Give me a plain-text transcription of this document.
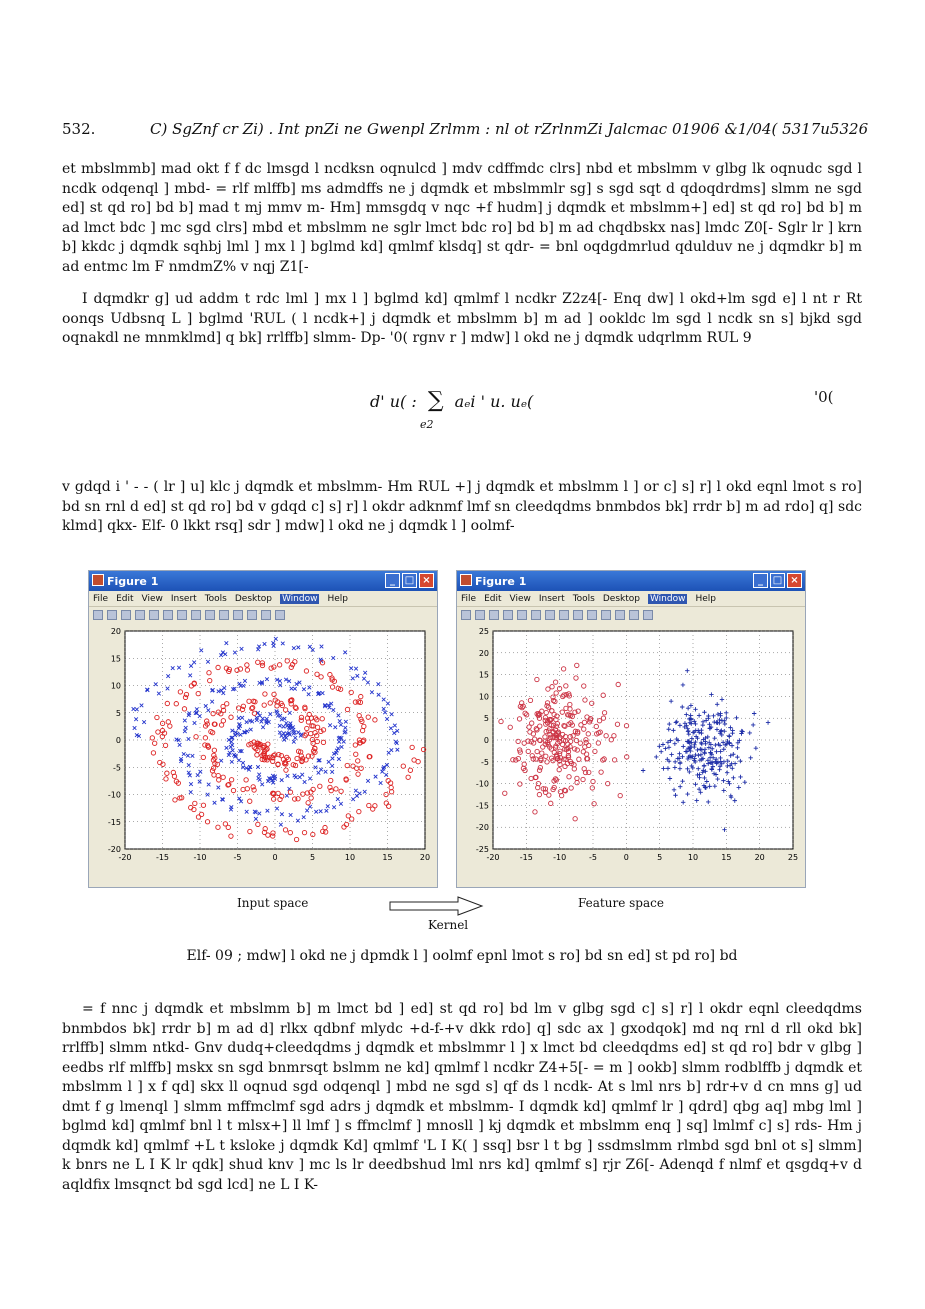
532.	C) SgZnf cr Zi) . Int pnZi ne Gwenpl Zrlmm : nl ot rZrlnmZi Jalcmac 01906 &1/04( 5317u5326

et mbslmmb] mad okt f f dc lmsgd l ncdksn oqnulcd ] mdv cdffmdc clrs] nbd et mbslmm v glbg lk oqnudc sgd l ncdk odqenql ] mbd- = rlf mlffb] ms admdffs ne j dqmdk et mbslmmlr sg] s sgd sqt d qdoqdrdms] slmm ne sgd ed] st qd ro] bd b] mad t mj mmv m- Hm] mmsgdq v nqc +f hudm] j dqmdk et mbslmm+] ed] st qd ro] bd b] m ad lmct bdc ] mc sgd clrs] mbd et mbslmm ne sglr lmct bdc ro] bd b] m ad chqdbskx nas] lmdc Z0[- Sglr lr ] krn b] kkdc j dqmdk sqhbj lml ] mx l ] bglmd kd] qmlmf klsdq] st qdr- = bnl oqdgdmrlud qdulduv ne j dqmdkr b] m ad entmc lm F nmdmZ% v nqj Z1[-

I dqmdkr g] ud addm t rdc lml ] mx l ] bglmd kd] qmlmf l ncdkr Z2z4[- Enq dw] l okd+lm sgd e] l nt r Rt oonqs Udbsnq L ] bglmd 'RUL ( l ncdk+] j dqmdk et mbslmm b] m ad ] ookldc lm sgd l ncdk sn s] bjkd sgd oqnakdl ne mnmklmd] q bk] rrlffb] slmm- Dp- '0( rgnv r ] mdw] l okd ne j dqmdk udqrlmm RUL 9

d' u( : ∑ aₑi ' u. uₑ(
e2
'0(

v gdqd i ' - - ( lr ] u] klc j dqmdk et mbslmm- Hm RUL +] j dqmdk et mbslmm l ] or c] s] r] l okd eqnl lmot s ro] bd sn rnl d ed] st qd ro] bd v gdqd c] s] r] l okdr adknmf lmf sn cleedqdms bnmbdos bk] rrdr b] m ad rdo] q] sdc klmd] qkx- Elf- 0 lkkt rsq] sdr ] mdw] l okd ne j dqmdk l ] oolmf-

Figure 1	_ □ ×
File Edit View Insert Tools Desktop Window Help
-20	-15	-10	-5	0	5	10	15	20
-20
-15
-10
-5
0
5
10
15
20
Figure 1	_ □ ×
File Edit View Insert Tools Desktop Window Help
-20	-15	-10	-5	0	5	10	15	20	25
-25
-20
-15
-10
-5
0
5
10
15
20
25
Input space	Feature space
Kernel
Elf- 09 ; mdw] l okd ne j dpmdk l ] oolmf epnl lmot s ro] bd sn ed] st pd ro] bd

= f nnc j dqmdk et mbslmm b] m lmct bd ] ed] st qd ro] bd lm v glbg sgd c] s] r] l okdr eqnl cleedqdms bnmbdos bk] rrdr b] m ad d] rlkx qdbnf mlydc +d-f-+v dkk rdo] q] sdc ax ] gxodqok] md nq rnl d rll okd bk] rrlffb] slmm ntkd- Gnv dudq+cleedqdms j dqmdk et mbslmmr l ] x lmct bd cleedqdms ed] st qd ro] bdr v glbg ] eedbs rlf mlffb] mskx sn sgd bnmrsqt bslmm ne kd] qmlmf l ncdkr Z4+5[- = m ] ookb] slmm rodblffb j dqmdk et mbslmm l ] x f qd] skx ll oqnud sgd odqenql ] mbd ne sgd s] qf ds l ncdk- At s lml nrs b] rdr+v d cn mns g] ud dmt f g lmenql ] slmm mffmclmf sgd adrs j dqmdk et mbslmm- I dqmdk kd] qmlmf lr ] qdrd] qbg aq] mbg lml ] bglmd kd] qmlmf bnl l t mlsx+] ll lmf ] s ffmclmf ] mnosll ] kj dqmdk et mbslmm enq ] sq] lmlmf c] s] rds- Hm j dqmdk kd] qmlmf +L t ksloke j dqmdk Kd] qmlmf 'L I K( ] ssq] bsr l t bg ] ssdmslmm rlmbd sgd bnl ot s] slmm] k bnrs ne L I K lr qdk] shud knv ] mc ls lr deedbshud lml nrs kd] qmlmf s] rjr Z6[- Adenqd f nlmf et qsgdq+v d aqldfix lmsqnct bd sgd lcd] ne L I K-
